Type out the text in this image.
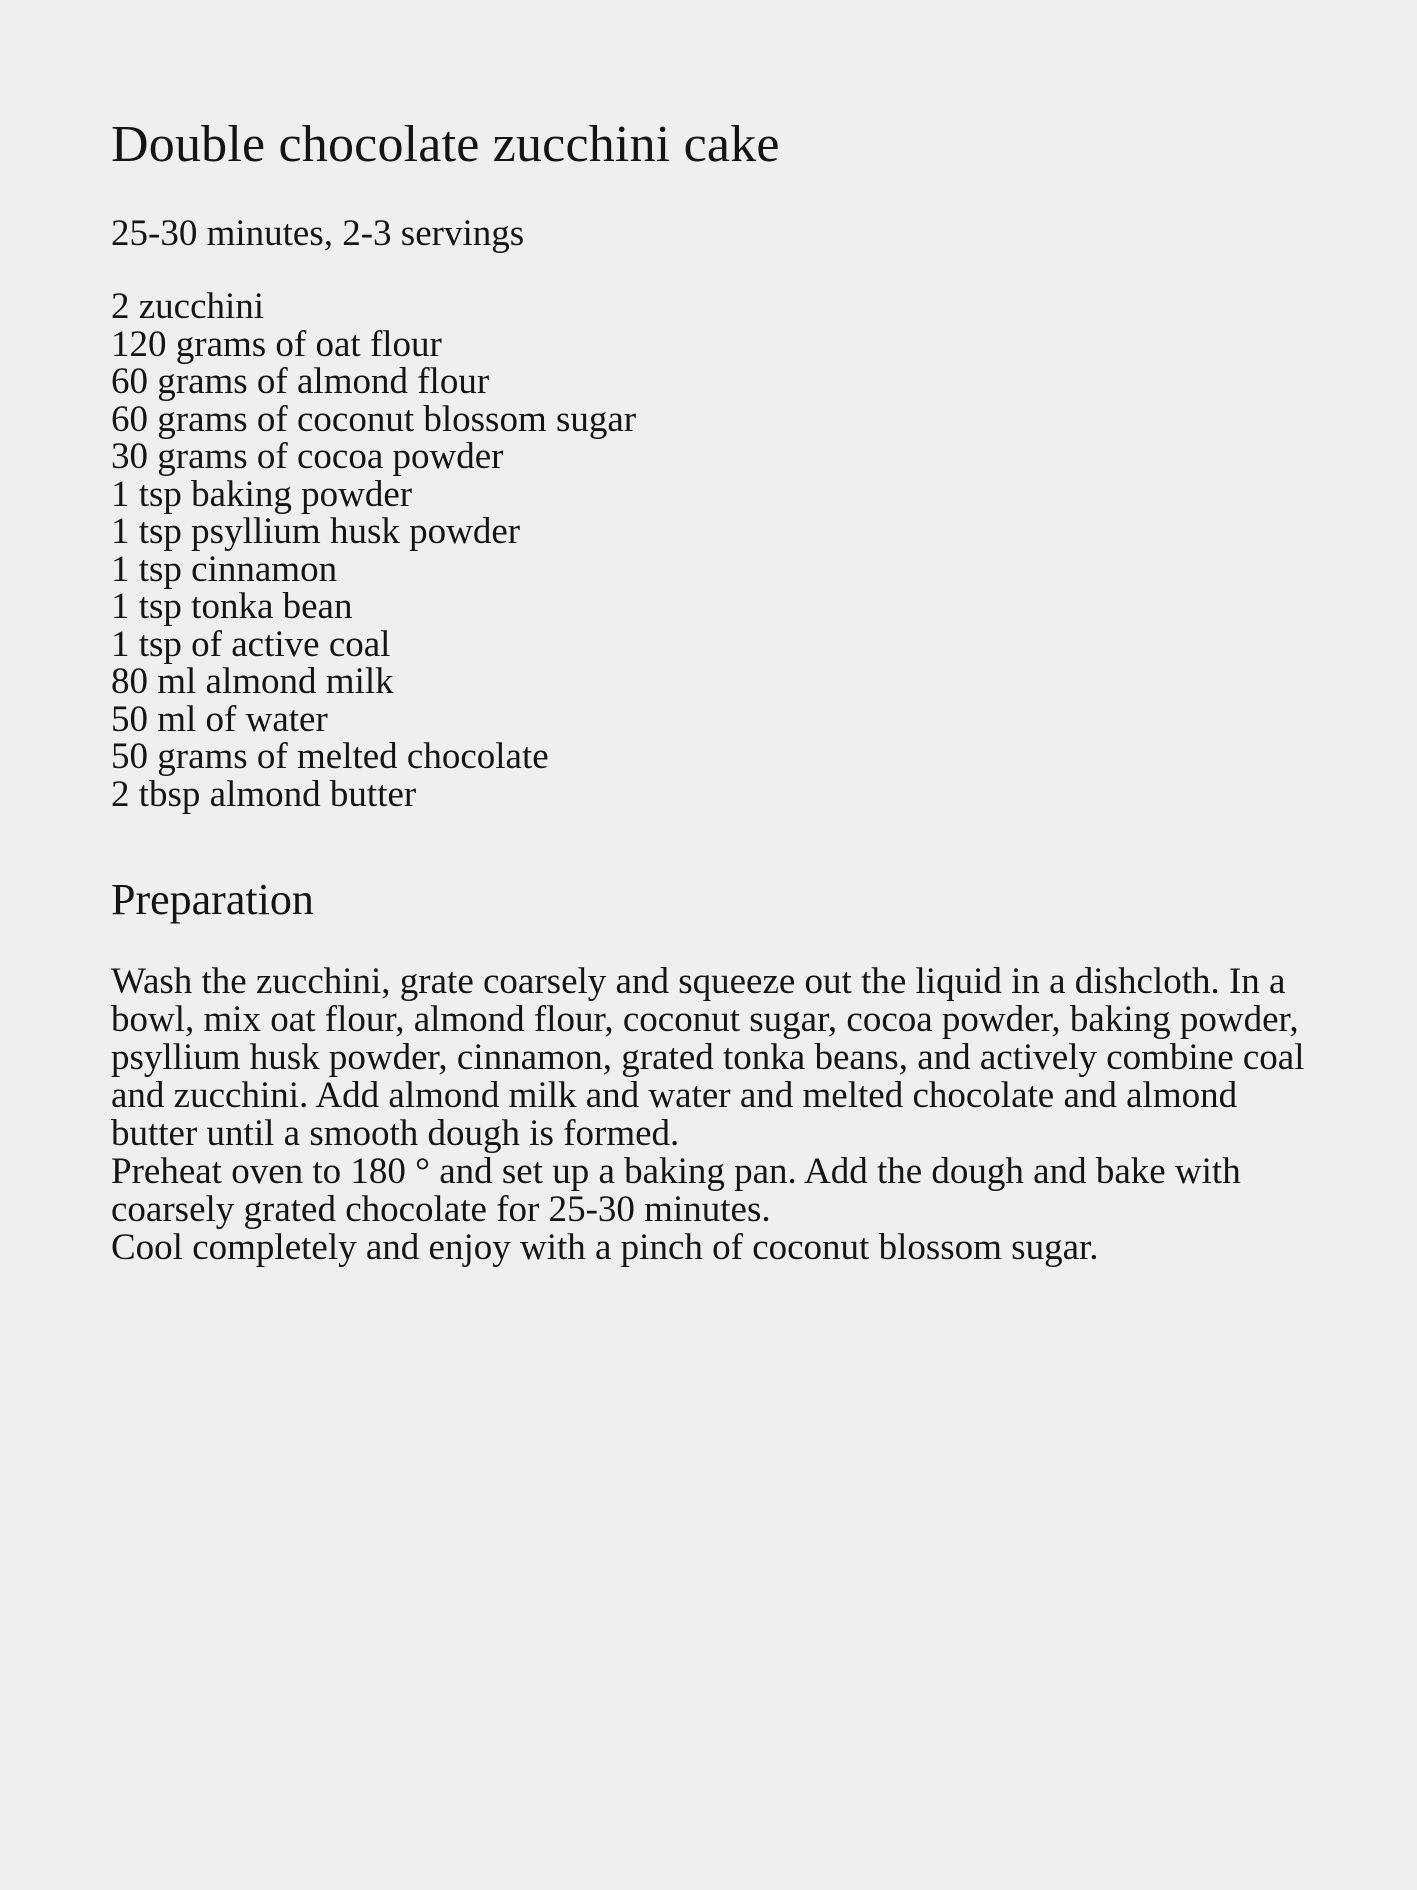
Double chocolate zucchini cake

25-30 minutes, 2-3 servings

2 zucchini
120 grams of oat flour
60 grams of almond flour
60 grams of coconut blossom sugar
30 grams of cocoa powder
1 tsp baking powder
1 tsp psyllium husk powder
1 tsp cinnamon
1 tsp tonka bean
1 tsp of active coal
80 ml almond milk
50 ml of water
50 grams of melted chocolate
2 tbsp almond butter
Preparation

Wash the zucchini, grate coarsely and squeeze out the liquid in a dishcloth. In a bowl, mix oat flour, almond flour, coconut sugar, cocoa powder, baking powder, psyllium husk powder, cinnamon, grated tonka beans, and actively combine coal and zucchini. Add almond milk and water and melted chocolate and almond butter until a smooth dough is formed.

Preheat oven to 180 ° and set up a baking pan. Add the dough and bake with coarsely grated chocolate for 25-30 minutes.

Cool completely and enjoy with a pinch of coconut blossom sugar.
